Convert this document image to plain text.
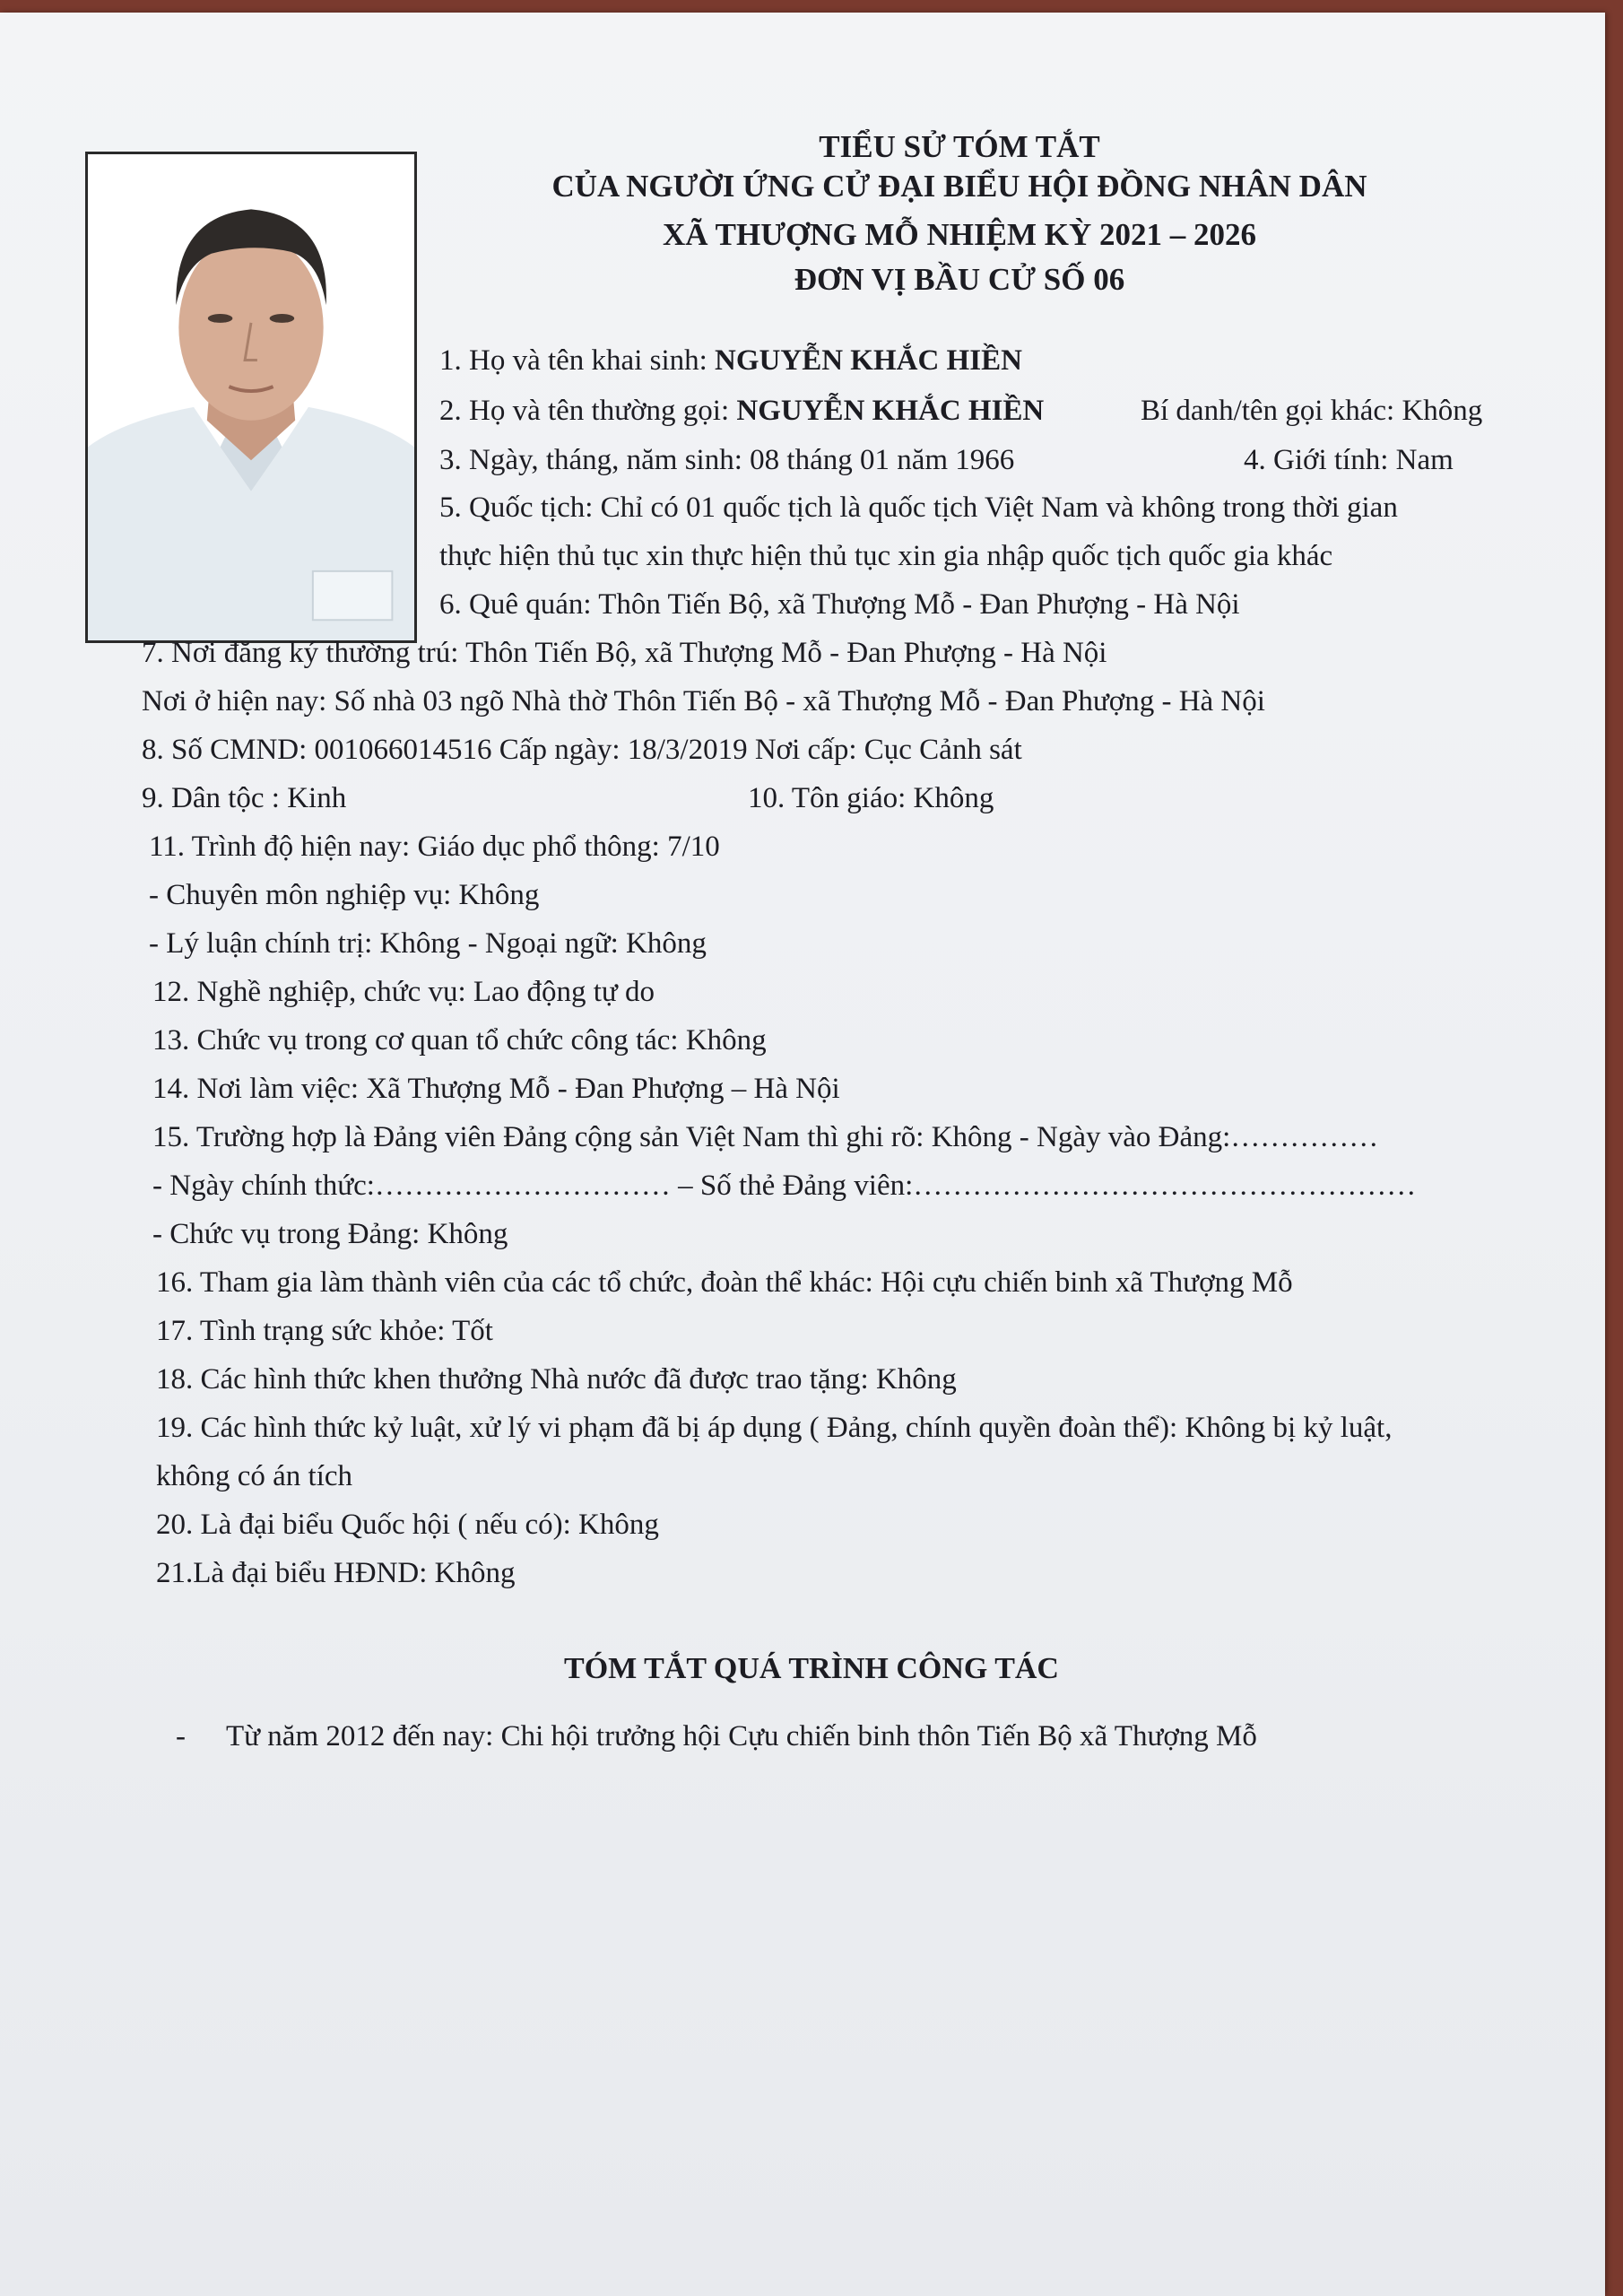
TIỂU SỬ TÓM TẮT
CỦA NGƯỜI ỨNG CỬ ĐẠI BIỂU HỘI ĐỒNG NHÂN DÂN
XÃ THƯỢNG MỖ NHIỆM KỲ 2021 – 2026
ĐƠN VỊ BẦU CỬ SỐ 06
1. Họ và tên khai sinh: NGUYỄN KHẮC HIỀN
2. Họ và tên thường gọi: NGUYỄN KHẮC HIỀN	Bí danh/tên gọi khác: Không
3. Ngày, tháng, năm sinh: 08 tháng 01 năm 1966	4. Giới tính: Nam
5. Quốc tịch: Chỉ có 01 quốc tịch là quốc tịch Việt Nam và không trong thời gian
thực hiện thủ tục xin thực hiện thủ tục xin gia nhập quốc tịch quốc gia khác
6. Quê quán: Thôn Tiến Bộ, xã Thượng Mỗ - Đan Phượng - Hà Nội
7. Nơi đăng ký thường trú: Thôn Tiến Bộ, xã Thượng Mỗ - Đan Phượng - Hà Nội
Nơi ở hiện nay: Số nhà 03 ngõ Nhà thờ Thôn Tiến Bộ - xã Thượng Mỗ - Đan Phượng - Hà Nội
8. Số CMND: 001066014516 Cấp ngày: 18/3/2019 Nơi cấp: Cục Cảnh sát
9. Dân tộc : Kinh	10. Tôn giáo: Không
11. Trình độ hiện nay: Giáo dục phổ thông: 7/10
- Chuyên môn nghiệp vụ: Không
- Lý luận chính trị: Không - Ngoại ngữ: Không
12. Nghề nghiệp, chức vụ: Lao động tự do
13. Chức vụ trong cơ quan tổ chức công tác: Không
14. Nơi làm việc: Xã Thượng Mỗ - Đan Phượng – Hà Nội
15. Trường hợp là Đảng viên Đảng cộng sản Việt Nam thì ghi rõ: Không - Ngày vào Đảng:……………
- Ngày chính thức:………………………… – Số thẻ Đảng viên:……………………………………………
- Chức vụ trong Đảng: Không
16. Tham gia làm thành viên của các tổ chức, đoàn thể khác: Hội cựu chiến binh xã Thượng Mỗ
17. Tình trạng sức khỏe: Tốt
18. Các hình thức khen thưởng Nhà nước đã được trao tặng: Không
19. Các hình thức kỷ luật, xử lý vi phạm đã bị áp dụng ( Đảng, chính quyền đoàn thể): Không bị kỷ luật,
không có án tích
20. Là đại biểu Quốc hội ( nếu có): Không
21.Là đại biểu HĐND: Không
TÓM TẮT QUÁ TRÌNH CÔNG TÁC
- Từ năm 2012 đến nay: Chi hội trưởng hội Cựu chiến binh thôn Tiến Bộ xã Thượng Mỗ
